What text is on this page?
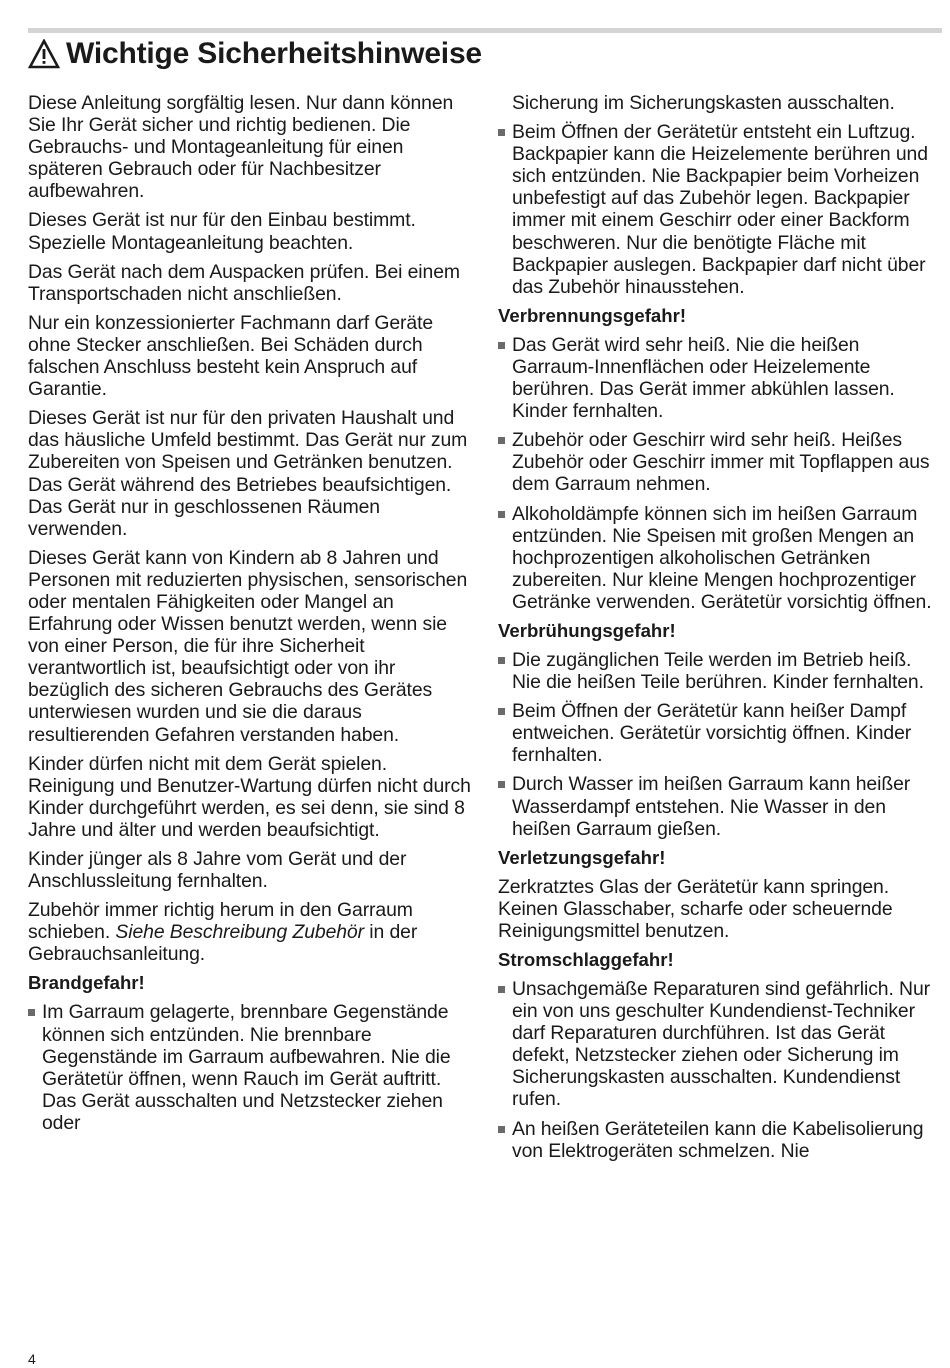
Wichtige Sicherheitshinweise

Diese Anleitung sorgfältig lesen. Nur dann können Sie Ihr Gerät sicher und richtig bedienen. Die Gebrauchs- und Montageanleitung für einen späteren Gebrauch oder für Nachbesitzer aufbewahren.

Dieses Gerät ist nur für den Einbau bestimmt. Spezielle Montageanleitung beachten.

Das Gerät nach dem Auspacken prüfen. Bei einem Transportschaden nicht anschließen.

Nur ein konzessionierter Fachmann darf Geräte ohne Stecker anschließen. Bei Schäden durch falschen Anschluss besteht kein Anspruch auf Garantie.

Dieses Gerät ist nur für den privaten Haushalt und das häusliche Umfeld bestimmt. Das Gerät nur zum Zubereiten von Speisen und Getränken benutzen. Das Gerät während des Betriebes beaufsichtigen. Das Gerät nur in geschlossenen Räumen verwenden.

Dieses Gerät kann von Kindern ab 8 Jahren und Personen mit reduzierten physischen, sensorischen oder mentalen Fähigkeiten oder Mangel an Erfahrung oder Wissen benutzt werden, wenn sie von einer Person, die für ihre Sicherheit verantwortlich ist, beaufsichtigt oder von ihr bezüglich des sicheren Gebrauchs des Gerätes unterwiesen wurden und sie die daraus resultierenden Gefahren verstanden haben.

Kinder dürfen nicht mit dem Gerät spielen. Reinigung und Benutzer-Wartung dürfen nicht durch Kinder durchgeführt werden, es sei denn, sie sind 8 Jahre und älter und werden beaufsichtigt.

Kinder jünger als 8 Jahre vom Gerät und der Anschlussleitung fernhalten.

Zubehör immer richtig herum in den Garraum schieben. Siehe Beschreibung Zubehör in der Gebrauchsanleitung.

Brandgefahr!
Im Garraum gelagerte, brennbare Gegenstände können sich entzünden. Nie brennbare Gegenstände im Garraum aufbewahren. Nie die Gerätetür öffnen, wenn Rauch im Gerät auftritt. Das Gerät ausschalten und Netzstecker ziehen oder

Sicherung im Sicherungskasten ausschalten.

Beim Öffnen der Gerätetür entsteht ein Luftzug. Backpapier kann die Heizelemente berühren und sich entzünden. Nie Backpapier beim Vorheizen unbefestigt auf das Zubehör legen. Backpapier immer mit einem Geschirr oder einer Backform beschweren. Nur die benötigte Fläche mit Backpapier auslegen. Backpapier darf nicht über das Zubehör hinausstehen.
Verbrennungsgefahr!
Das Gerät wird sehr heiß. Nie die heißen Garraum-Innenflächen oder Heizelemente berühren. Das Gerät immer abkühlen lassen. Kinder fernhalten.
Zubehör oder Geschirr wird sehr heiß. Heißes Zubehör oder Geschirr immer mit Topflappen aus dem Garraum nehmen.
Alkoholdämpfe können sich im heißen Garraum entzünden. Nie Speisen mit großen Mengen an hochprozentigen alkoholischen Getränken zubereiten. Nur kleine Mengen hochprozentiger Getränke verwenden. Gerätetür vorsichtig öffnen.
Verbrühungsgefahr!
Die zugänglichen Teile werden im Betrieb heiß. Nie die heißen Teile berühren. Kinder fernhalten.
Beim Öffnen der Gerätetür kann heißer Dampf entweichen. Gerätetür vorsichtig öffnen. Kinder fernhalten.
Durch Wasser im heißen Garraum kann heißer Wasserdampf entstehen. Nie Wasser in den heißen Garraum gießen.
Verletzungsgefahr!

Zerkratztes Glas der Gerätetür kann springen. Keinen Glasschaber, scharfe oder scheuernde Reinigungsmittel benutzen.

Stromschlaggefahr!
Unsachgemäße Reparaturen sind gefährlich. Nur ein von uns geschulter Kundendienst-Techniker darf Reparaturen durchführen. Ist das Gerät defekt, Netzstecker ziehen oder Sicherung im Sicherungskasten ausschalten. Kundendienst rufen.
An heißen Geräteteilen kann die Kabelisolierung von Elektrogeräten schmelzen. Nie
4
